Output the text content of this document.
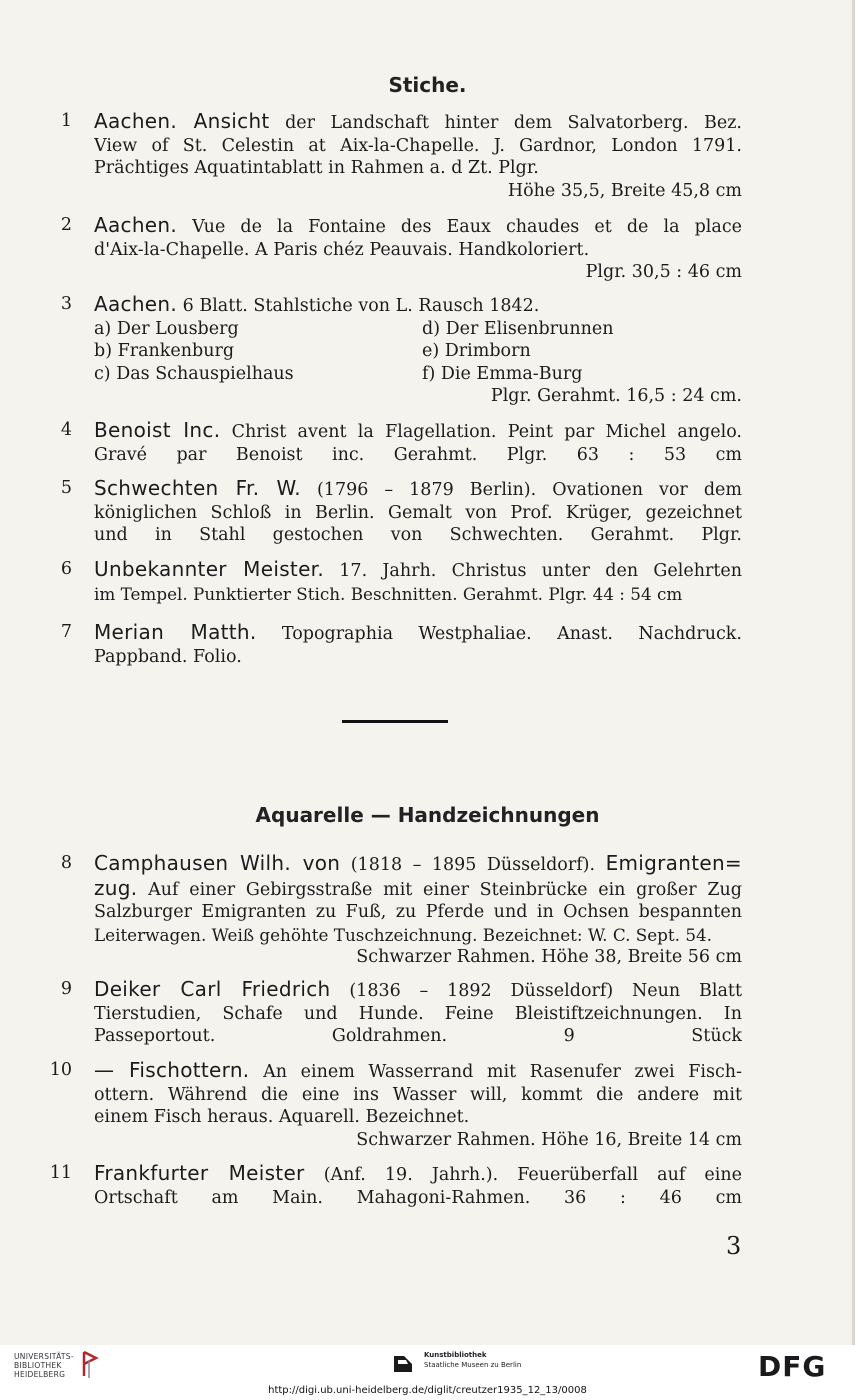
Stiche.
1 Aachen. Ansicht der Landschaft hinter dem Salvatorberg. Bez.
View of St. Celestin at Aix-la-Chapelle. J. Gardnor, London 1791.
Prächtiges Aquatintablatt in Rahmen a. d Zt. Plgr.
Höhe 35,5, Breite 45,8 cm
2 Aachen. Vue de la Fontaine des Eaux chaudes et de la place
d'Aix-la-Chapelle. A Paris chéz Peauvais. Handkoloriert.
Plgr. 30,5 : 46 cm
3 Aachen. 6 Blatt. Stahlstiche von L. Rausch 1842.
a) Der Lousberg	d) Der Elisenbrunnen
b) Frankenburg	e) Drimborn
c) Das Schauspielhaus	f) Die Emma-Burg
Plgr. Gerahmt. 16,5 : 24 cm.
4 Benoist Inc. Christ avent la Flagellation. Peint par Michel angelo.
Gravé par Benoist inc. Gerahmt. Plgr. 63 : 53 cm
5 Schwechten Fr. W. (1796 – 1879 Berlin). Ovationen vor dem
königlichen Schloß in Berlin. Gemalt von Prof. Krüger, gezeichnet
und in Stahl gestochen von Schwechten. Gerahmt. Plgr.
6 Unbekannter Meister. 17. Jahrh. Christus unter den Gelehrten
im Tempel. Punktierter Stich. Beschnitten. Gerahmt. Plgr. 44 : 54 cm
7 Merian Matth. Topographia Westphaliae. Anast. Nachdruck.
Pappband. Folio.
Aquarelle — Handzeichnungen
8 Camphausen Wilh. von (1818 – 1895 Düsseldorf). Emigranten=
zug. Auf einer Gebirgsstraße mit einer Steinbrücke ein großer Zug
Salzburger Emigranten zu Fuß, zu Pferde und in Ochsen bespannten
Leiterwagen. Weiß gehöhte Tuschzeichnung. Bezeichnet: W. C. Sept. 54.
Schwarzer Rahmen. Höhe 38, Breite 56 cm
9 Deiker Carl Friedrich (1836 – 1892 Düsseldorf) Neun Blatt
Tierstudien, Schafe und Hunde. Feine Bleistiftzeichnungen. In
Passeportout.	Goldrahmen. 9 Stück
10 — Fischottern. An einem Wasserrand mit Rasenufer zwei Fisch-
ottern. Während die eine ins Wasser will, kommt die andere mit
einem Fisch heraus. Aquarell. Bezeichnet.
Schwarzer Rahmen. Höhe 16, Breite 14 cm
11 Frankfurter Meister (Anf. 19. Jahrh.). Feuerüberfall auf eine
Ortschaft am Main. Mahagoni-Rahmen. 36 : 46 cm
3
UNIVERSITÄTS-
BIBLIOTHEK
HEIDELBERG
Kunstbibliothek
Staatliche Museen zu Berlin	DFG
http://digi.ub.uni-heidelberg.de/diglit/creutzer1935_12_13/0008
